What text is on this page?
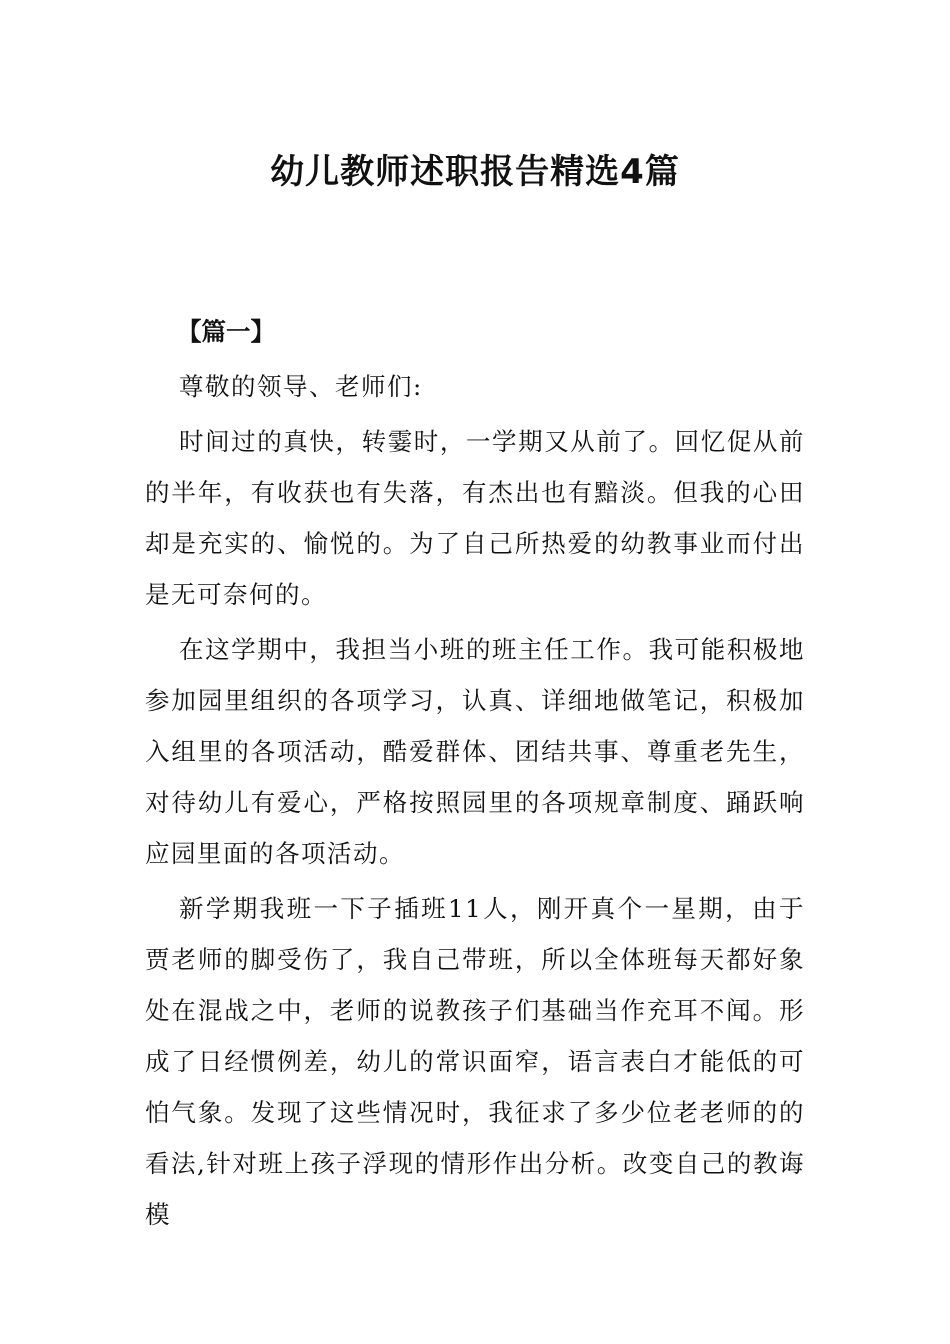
幼儿教师述职报告精选4篇

【篇一】

尊敬的领导、老师们:

时间过的真快，转霎时，一学期又从前了。回忆促从前的半年，有收获也有失落，有杰出也有黯淡。但我的心田却是充实的、愉悦的。为了自己所热爱的幼教事业而付出是无可奈何的。

在这学期中，我担当小班的班主任工作。我可能积极地参加园里组织的各项学习，认真、详细地做笔记，积极加入组里的各项活动，酷爱群体、团结共事、尊重老先生，对待幼儿有爱心，严格按照园里的各项规章制度、踊跃响应园里面的各项活动。

新学期我班一下子插班11人，刚开真个一星期，由于贾老师的脚受伤了，我自己带班，所以全体班每天都好象处在混战之中，老师的说教孩子们基础当作充耳不闻。形成了日经惯例差，幼儿的常识面窄，语言表白才能低的可怕气象。发现了这些情况时，我征求了多少位老老师的的看法,针对班上孩子浮现的情形作出分析。改变自己的教诲模
